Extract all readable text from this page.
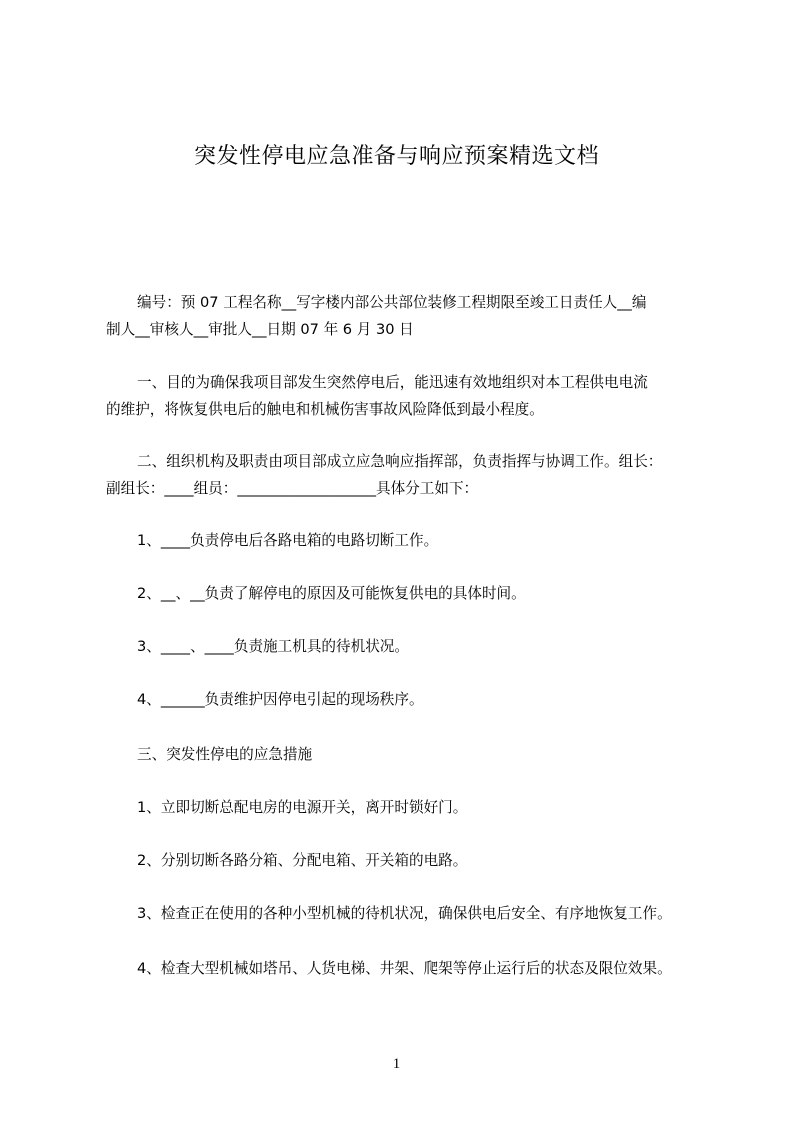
突发性停电应急准备与响应预案精选文档
编号：预 07 工程名称__写字楼内部公共部位装修工程期限至竣工日责任人__编
制人__审核人__审批人__日期 07 年 6 月 30 日
一、目的为确保我项目部发生突然停电后，能迅速有效地组织对本工程供电电流
的维护，将恢复供电后的触电和机械伤害事故风险降低到最小程度。
二、组织机构及职责由项目部成立应急响应指挥部，负责指挥与协调工作。组长：
副组长：____组员：___________________具体分工如下：
1、____负责停电后各路电箱的电路切断工作。
2、__、__负责了解停电的原因及可能恢复供电的具体时间。
3、____、____负责施工机具的待机状况。
4、______负责维护因停电引起的现场秩序。
三、突发性停电的应急措施
1、立即切断总配电房的电源开关，离开时锁好门。
2、分别切断各路分箱、分配电箱、开关箱的电路。
3、检查正在使用的各种小型机械的待机状况，确保供电后安全、有序地恢复工作。
4、检查大型机械如塔吊、人货电梯、井架、爬架等停止运行后的状态及限位效果。
1
